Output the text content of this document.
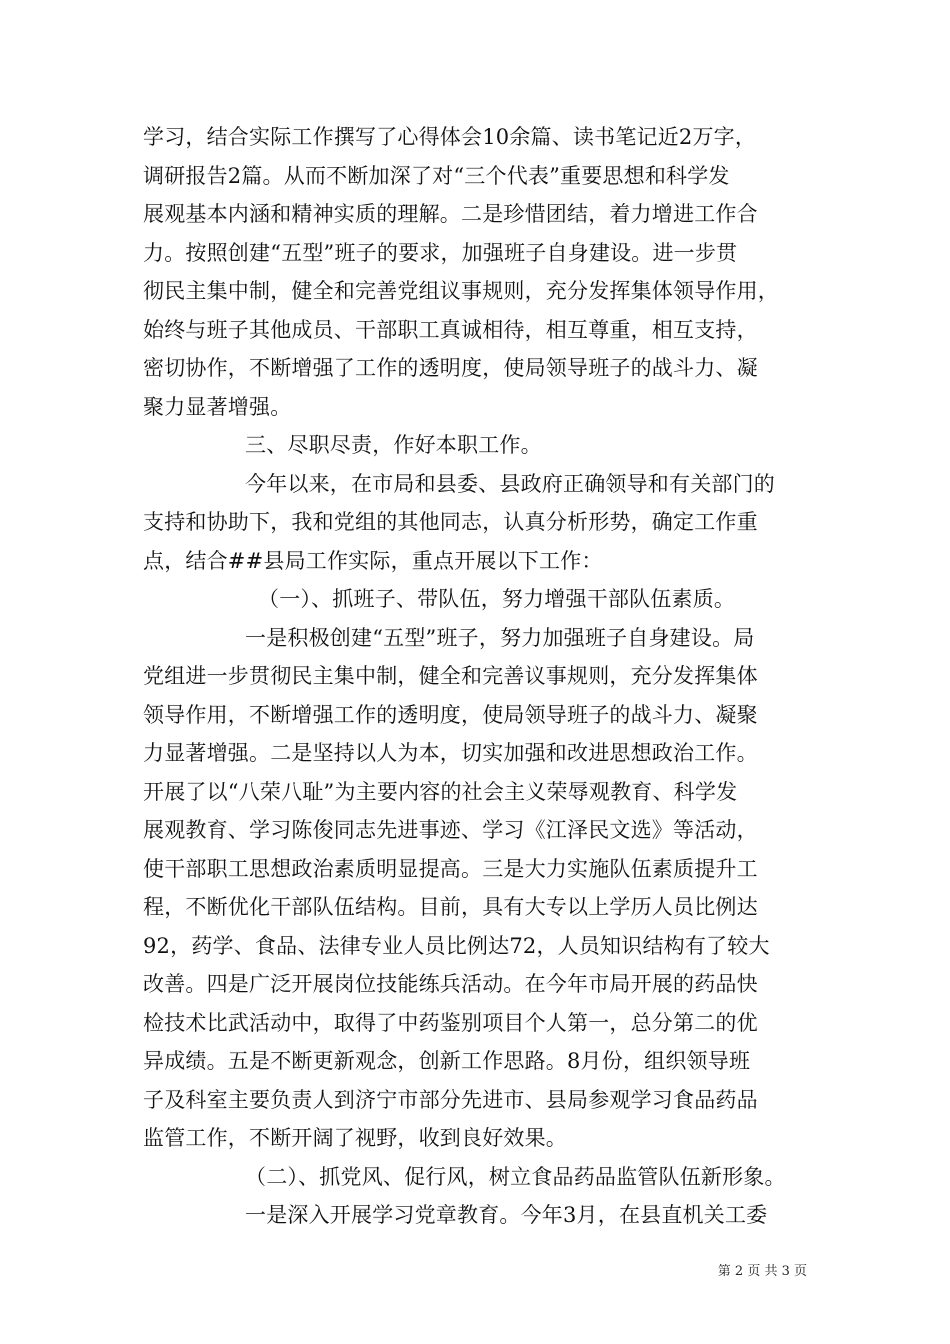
学习，结合实际工作撰写了心得体会10余篇、读书笔记近2万字，
调研报告2篇。从而不断加深了对“三个代表”重要思想和科学发
展观基本内涵和精神实质的理解。二是珍惜团结，着力增进工作合
力。按照创建“五型”班子的要求，加强班子自身建设。进一步贯
彻民主集中制，健全和完善党组议事规则，充分发挥集体领导作用，
始终与班子其他成员、干部职工真诚相待，相互尊重，相互支持，
密切协作，不断增强了工作的透明度，使局领导班子的战斗力、凝
聚力显著增强。
三、尽职尽责，作好本职工作。
今年以来，在市局和县委、县政府正确领导和有关部门的
支持和协助下，我和党组的其他同志，认真分析形势，确定工作重
点，结合##县局工作实际，重点开展以下工作：
（一）、抓班子、带队伍，努力增强干部队伍素质。
一是积极创建“五型”班子，努力加强班子自身建设。局
党组进一步贯彻民主集中制，健全和完善议事规则，充分发挥集体
领导作用，不断增强工作的透明度，使局领导班子的战斗力、凝聚
力显著增强。二是坚持以人为本，切实加强和改进思想政治工作。
开展了以“八荣八耻”为主要内容的社会主义荣辱观教育、科学发
展观教育、学习陈俊同志先进事迹、学习《江泽民文选》等活动，
使干部职工思想政治素质明显提高。三是大力实施队伍素质提升工
程，不断优化干部队伍结构。目前，具有大专以上学历人员比例达
92，药学、食品、法律专业人员比例达72，人员知识结构有了较大
改善。四是广泛开展岗位技能练兵活动。在今年市局开展的药品快
检技术比武活动中，取得了中药鉴别项目个人第一，总分第二的优
异成绩。五是不断更新观念，创新工作思路。8月份，组织领导班
子及科室主要负责人到济宁市部分先进市、县局参观学习食品药品
监管工作，不断开阔了视野，收到良好效果。
（二）、抓党风、促行风，树立食品药品监管队伍新形象。
一是深入开展学习党章教育。今年3月，在县直机关工委
第 2 页 共 3 页
